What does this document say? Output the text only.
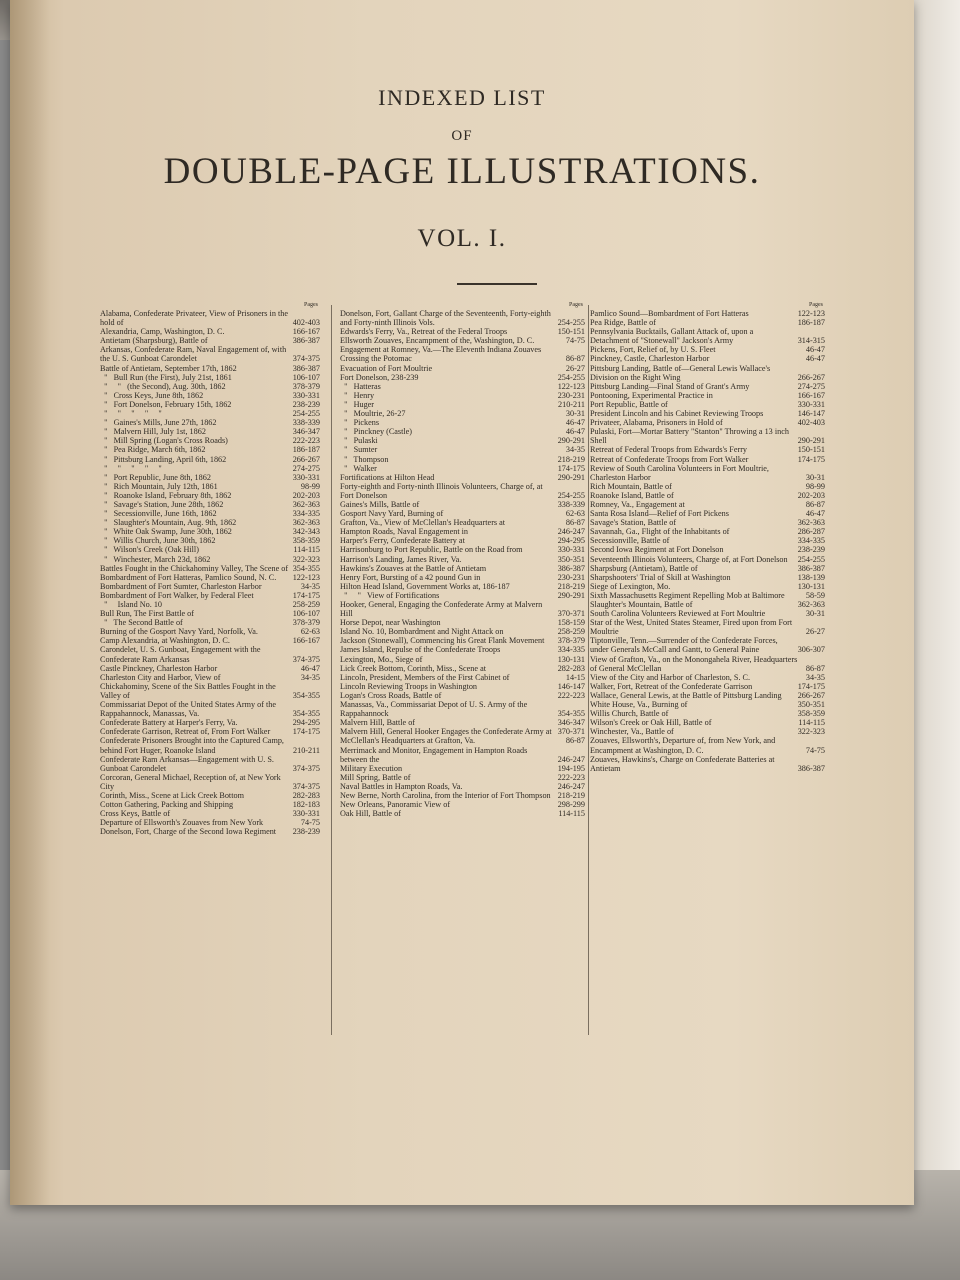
INDEXED LIST
OF
DOUBLE-PAGE ILLUSTRATIONS.
VOL. I.
Pages
Alabama, Confederate Privateer, View of Prisoners in the hold of	402-403
Alexandria, Camp, Washington, D. C.	166-167
Antietam (Sharpsburg), Battle of	386-387
Arkansas, Confederate Ram, Naval Engagement of, with the U. S. Gunboat Carondelet	374-375
Battle of Antietam, September 17th, 1862	386-387
"   Bull Run (the First), July 21st, 1861	106-107
"     "   (the Second), Aug. 30th, 1862	378-379
"   Cross Keys, June 8th, 1862	330-331
"   Fort Donelson, February 15th, 1862	238-239
"     "     "     "     "	254-255
"   Gaines's Mills, June 27th, 1862	338-339
"   Malvern Hill, July 1st, 1862	346-347
"   Mill Spring (Logan's Cross Roads)	222-223
"   Pea Ridge, March 6th, 1862	186-187
"   Pittsburg Landing, April 6th, 1862	266-267
"     "     "     "     "	274-275
"   Port Republic, June 8th, 1862	330-331
"   Rich Mountain, July 12th, 1861	98-99
"   Roanoke Island, February 8th, 1862	202-203
"   Savage's Station, June 28th, 1862	362-363
"   Secessionville, June 16th, 1862	334-335
"   Slaughter's Mountain, Aug. 9th, 1862	362-363
"   White Oak Swamp, June 30th, 1862	342-343
"   Willis Church, June 30th, 1862	358-359
"   Wilson's Creek (Oak Hill)	114-115
"   Winchester, March 23d, 1862	322-323
Battles Fought in the Chickahominy Valley, The Scene of 354-355
Bombardment of Fort Hatteras, Pamlico Sound, N. C.	122-123
Bombardment of Fort Sumter, Charleston Harbor	34-35
Bombardment of Fort Walker, by Federal Fleet	174-175
"     Island No. 10	258-259
Bull Run, The First Battle of	106-107
"   The Second Battle of	378-379
Burning of the Gosport Navy Yard, Norfolk, Va.	62-63
Camp Alexandria, at Washington, D. C.	166-167
Carondelet, U. S. Gunboat, Engagement with the Confederate Ram Arkansas	374-375
Castle Pinckney, Charleston Harbor	46-47
Charleston City and Harbor, View of	34-35
Chickahominy, Scene of the Six Battles Fought in the Valley of	354-355
Commissariat Depot of the United States Army of the Rappahannock, Manassas, Va.	354-355
Confederate Battery at Harper's Ferry, Va.	294-295
Confederate Garrison, Retreat of, From Fort Walker	174-175
Confederate Prisoners Brought into the Captured Camp, behind Fort Huger, Roanoke Island	210-211
Confederate Ram Arkansas—Engagement with U. S. Gunboat Carondelet	374-375
Corcoran, General Michael, Reception of, at New York City	374-375
Corinth, Miss., Scene at Lick Creek Bottom	282-283
Cotton Gathering, Packing and Shipping	182-183
Cross Keys, Battle of	330-331
Departure of Ellsworth's Zouaves from New York	74-75
Donelson, Fort, Charge of the Second Iowa Regiment	238-239
Pages
Donelson, Fort, Gallant Charge of the Seventeenth, Forty-eighth and Forty-ninth Illinois Vols.	254-255
Edwards's Ferry, Va., Retreat of the Federal Troops	150-151
Ellsworth Zouaves, Encampment of the, Washington, D. C.	74-75
Engagement at Romney, Va.—The Eleventh Indiana Zouaves Crossing the Potomac	86-87
Evacuation of Fort Moultrie	26-27
Fort Donelson, 238-239	254-255
"   Hatteras	122-123
"   Henry	230-231
"   Huger	210-211
"   Moultrie, 26-27	30-31
"   Pickens	46-47
"   Pinckney (Castle)	46-47
"   Pulaski	290-291
"   Sumter	34-35
"   Thompson	218-219
"   Walker	174-175
Fortifications at Hilton Head	290-291
Forty-eighth and Forty-ninth Illinois Volunteers, Charge of, at Fort Donelson	254-255
Gaines's Mills, Battle of	338-339
Gosport Navy Yard, Burning of	62-63
Grafton, Va., View of McClellan's Headquarters at	86-87
Hampton Roads, Naval Engagement in	246-247
Harper's Ferry, Confederate Battery at	294-295
Harrisonburg to Port Republic, Battle on the Road from	330-331
Harrison's Landing, James River, Va.	350-351
Hawkins's Zouaves at the Battle of Antietam	386-387
Henry Fort, Bursting of a 42 pound Gun in	230-231
Hilton Head Island, Government Works at, 186-187	218-219
"     "   View of Fortifications	290-291
Hooker, General, Engaging the Confederate Army at Malvern Hill	370-371
Horse Depot, near Washington	158-159
Island No. 10, Bombardment and Night Attack on	258-259
Jackson (Stonewall), Commencing his Great Flank Movement	378-379
James Island, Repulse of the Confederate Troops	334-335
Lexington, Mo., Siege of	130-131
Lick Creek Bottom, Corinth, Miss., Scene at	282-283
Lincoln, President, Members of the First Cabinet of	14-15
Lincoln Reviewing Troops in Washington	146-147
Logan's Cross Roads, Battle of	222-223
Manassas, Va., Commissariat Depot of U. S. Army of the Rappahannock	354-355
Malvern Hill, Battle of	346-347
Malvern Hill, General Hooker Engages the Confederate Army at 370-371
McClellan's Headquarters at Grafton, Va.	86-87
Merrimack and Monitor, Engagement in Hampton Roads between the	246-247
Military Execution	194-195
Mill Spring, Battle of	222-223
Naval Battles in Hampton Roads, Va.	246-247
New Berne, North Carolina, from the Interior of Fort Thompson 218-219
New Orleans, Panoramic View of	298-299
Oak Hill, Battle of	114-115
Pages
Pamlico Sound—Bombardment of Fort Hatteras	122-123
Pea Ridge, Battle of	186-187
Pennsylvania Bucktails, Gallant Attack of, upon a Detachment of "Stonewall" Jackson's Army	314-315
Pickens, Fort, Relief of, by U. S. Fleet	46-47
Pinckney, Castle, Charleston Harbor	46-47
Pittsburg Landing, Battle of—General Lewis Wallace's Division on the Right Wing	266-267
Pittsburg Landing—Final Stand of Grant's Army	274-275
Pontooning, Experimental Practice in	166-167
Port Republic, Battle of	330-331
President Lincoln and his Cabinet Reviewing Troops	146-147
Privateer, Alabama, Prisoners in Hold of	402-403
Pulaski, Fort—Mortar Battery "Stanton" Throwing a 13 inch Shell	290-291
Retreat of Federal Troops from Edwards's Ferry	150-151
Retreat of Confederate Troops from Fort Walker	174-175
Review of South Carolina Volunteers in Fort Moultrie, Charleston Harbor	30-31
Rich Mountain, Battle of	98-99
Roanoke Island, Battle of	202-203
Romney, Va., Engagement at	86-87
Santa Rosa Island—Relief of Fort Pickens	46-47
Savage's Station, Battle of	362-363
Savannah, Ga., Flight of the Inhabitants of	286-287
Secessionville, Battle of	334-335
Second Iowa Regiment at Fort Donelson	238-239
Seventeenth Illinois Volunteers, Charge of, at Fort Donelson	254-255
Sharpsburg (Antietam), Battle of	386-387
Sharpshooters' Trial of Skill at Washington	138-139
Siege of Lexington, Mo.	130-131
Sixth Massachusetts Regiment Repelling Mob at Baltimore	58-59
Slaughter's Mountain, Battle of	362-363
South Carolina Volunteers Reviewed at Fort Moultrie	30-31
Star of the West, United States Steamer, Fired upon from Fort Moultrie	26-27
Tiptonville, Tenn.—Surrender of the Confederate Forces, under Generals McCall and Gantt, to General Paine	306-307
View of Grafton, Va., on the Monongahela River, Headquarters of General McClellan	86-87
View of the City and Harbor of Charleston, S. C.	34-35
Walker, Fort, Retreat of the Confederate Garrison	174-175
Wallace, General Lewis, at the Battle of Pittsburg Landing	266-267
White House, Va., Burning of	350-351
Willis Church, Battle of	358-359
Wilson's Creek or Oak Hill, Battle of	114-115
Winchester, Va., Battle of	322-323
Zouaves, Ellsworth's, Departure of, from New York, and Encampment at Washington, D. C.	74-75
Zouaves, Hawkins's, Charge on Confederate Batteries at Antietam	386-387
